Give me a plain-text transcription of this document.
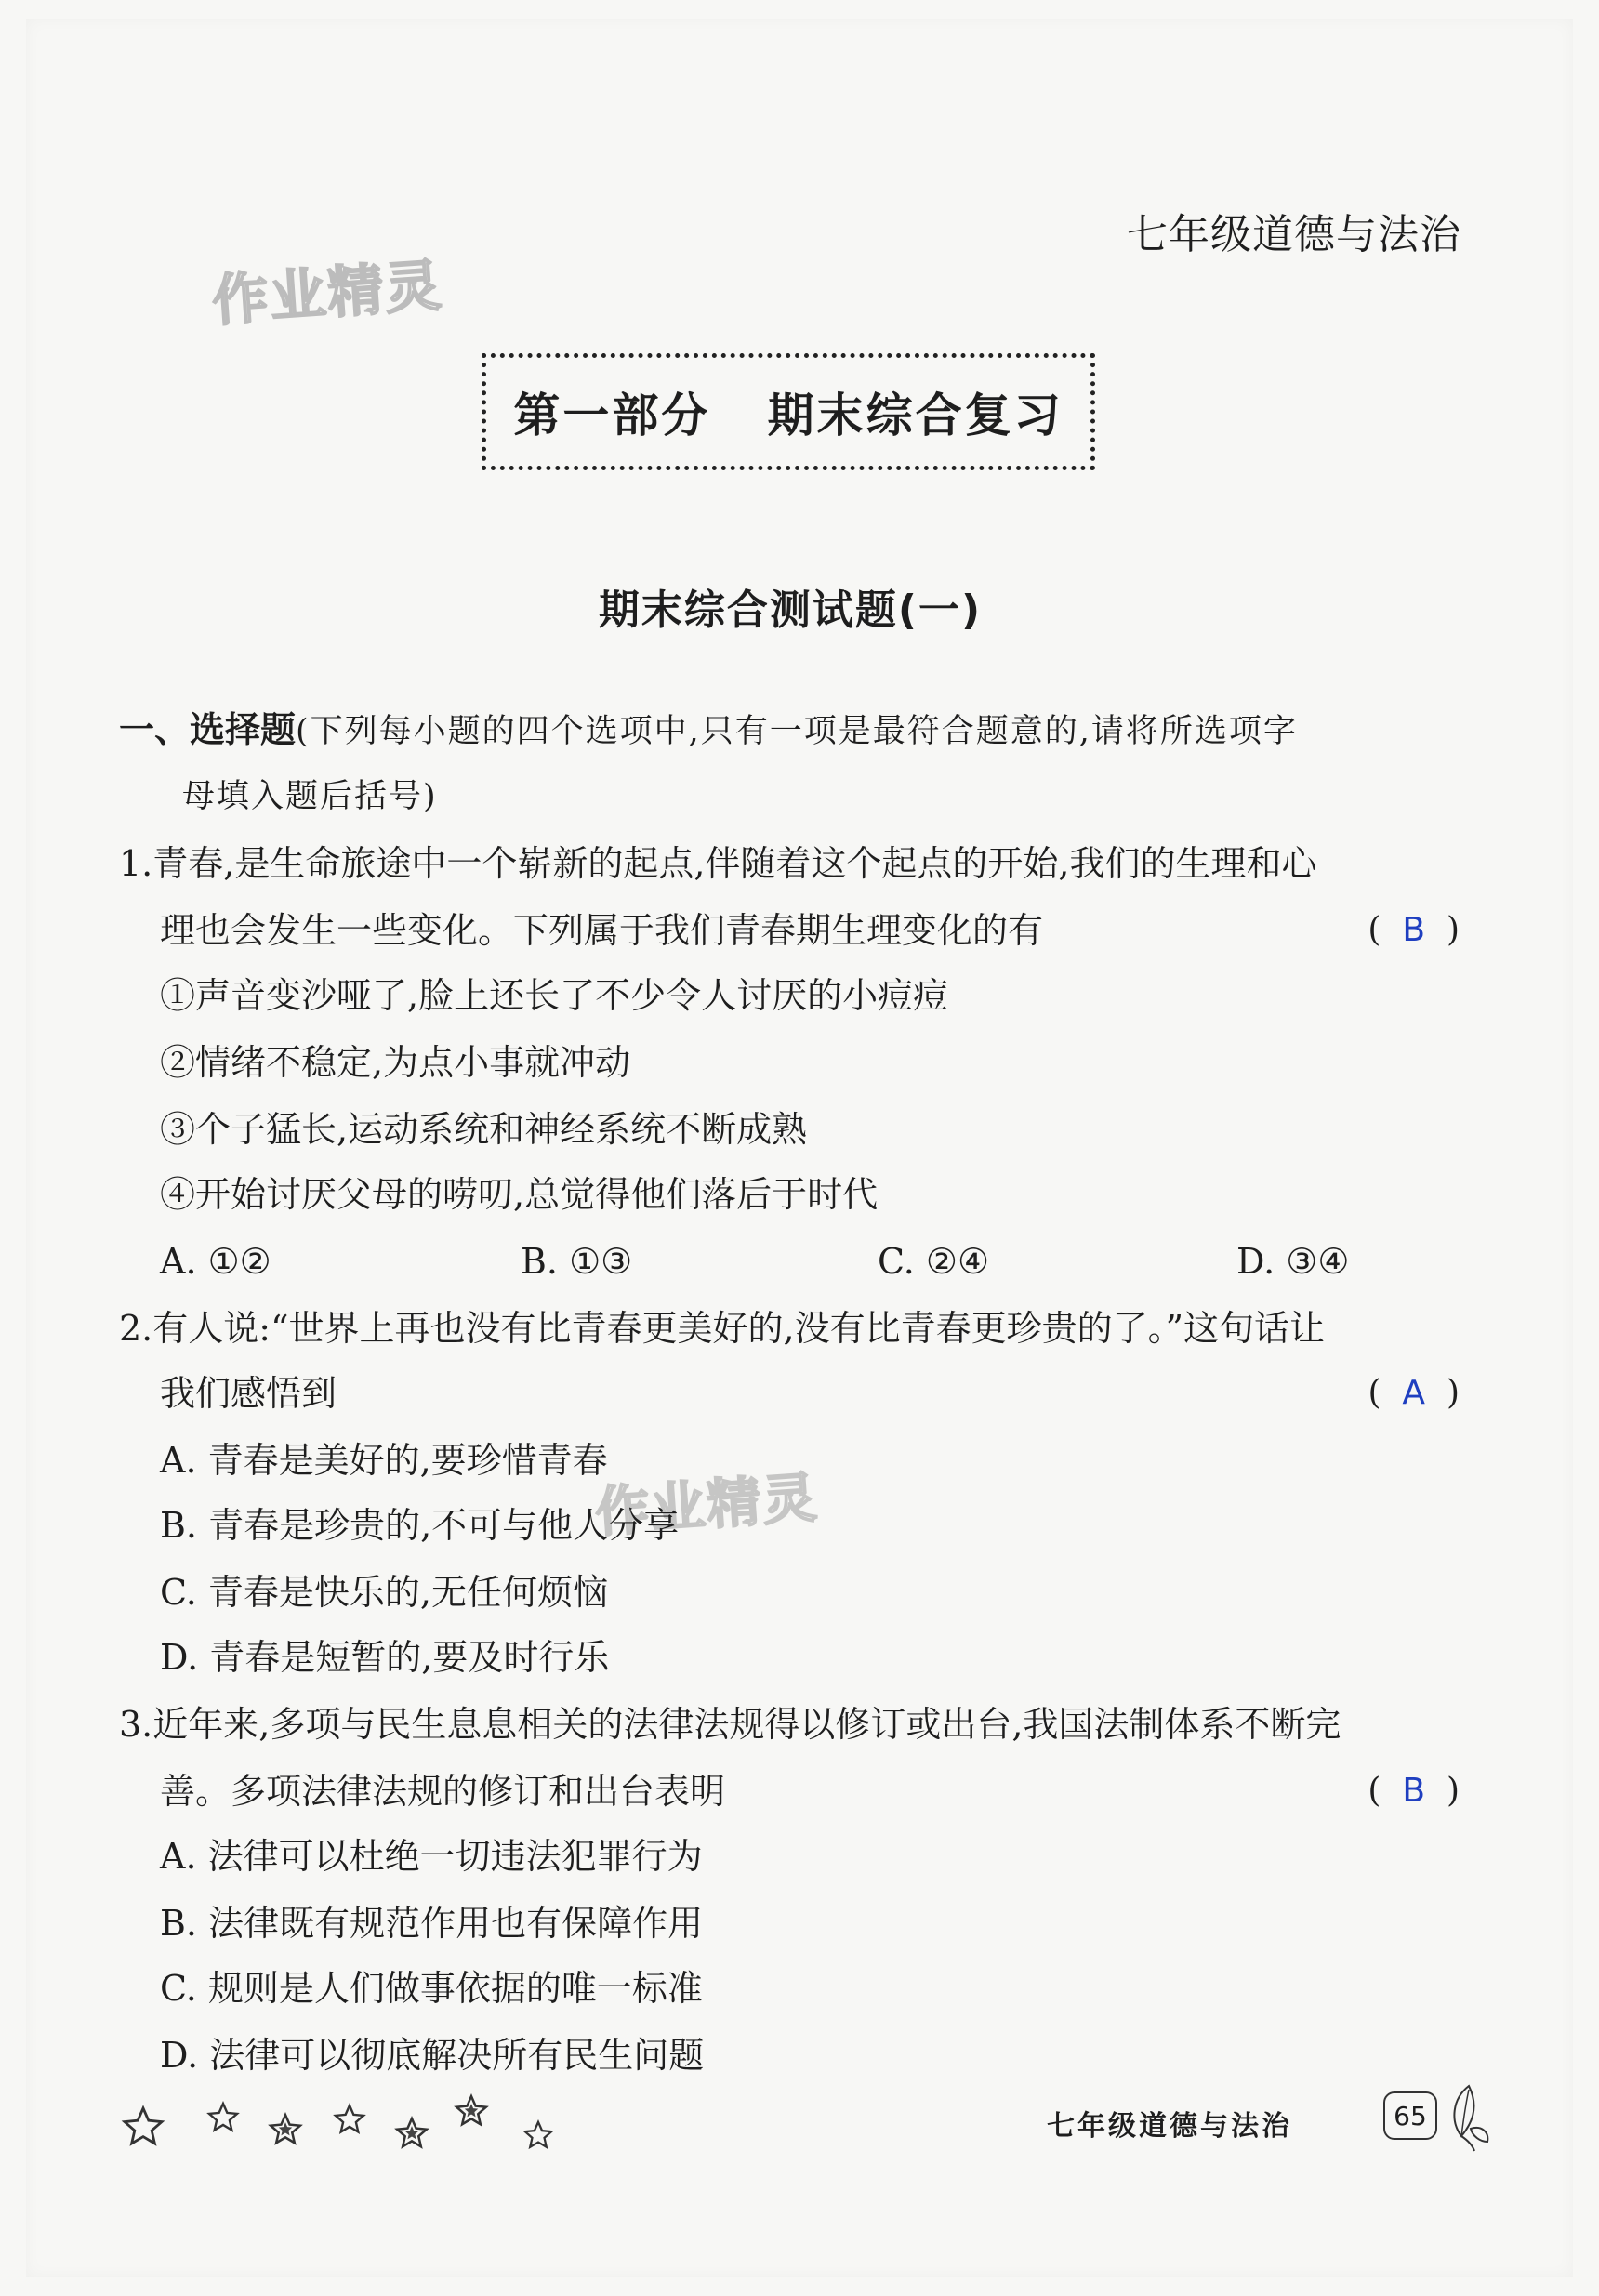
七年级道德与法治
作业精灵
作业精灵
第一部分   期末综合复习
期末综合测试题(一)
一、选择题(下列每小题的四个选项中,只有一项是最符合题意的,请将所选项字
母填入题后括号)
1.青春,是生命旅途中一个崭新的起点,伴随着这个起点的开始,我们的生理和心
理也会发生一些变化。下列属于我们青春期生理变化的有	( B )
①声音变沙哑了,脸上还长了不少令人讨厌的小痘痘
②情绪不稳定,为点小事就冲动
③个子猛长,运动系统和神经系统不断成熟
④开始讨厌父母的唠叨,总觉得他们落后于时代
A. ①②	B. ①③	C. ②④	D. ③④
2.有人说:“世界上再也没有比青春更美好的,没有比青春更珍贵的了。”这句话让
我们感悟到	( A )
A. 青春是美好的,要珍惜青春
B. 青春是珍贵的,不可与他人分享
C. 青春是快乐的,无任何烦恼
D. 青春是短暂的,要及时行乐
3.近年来,多项与民生息息相关的法律法规得以修订或出台,我国法制体系不断完
善。多项法律法规的修订和出台表明	( B )
A. 法律可以杜绝一切违法犯罪行为
B. 法律既有规范作用也有保障作用
C. 规则是人们做事依据的唯一标准
D. 法律可以彻底解决所有民生问题
七年级道德与法治	65
